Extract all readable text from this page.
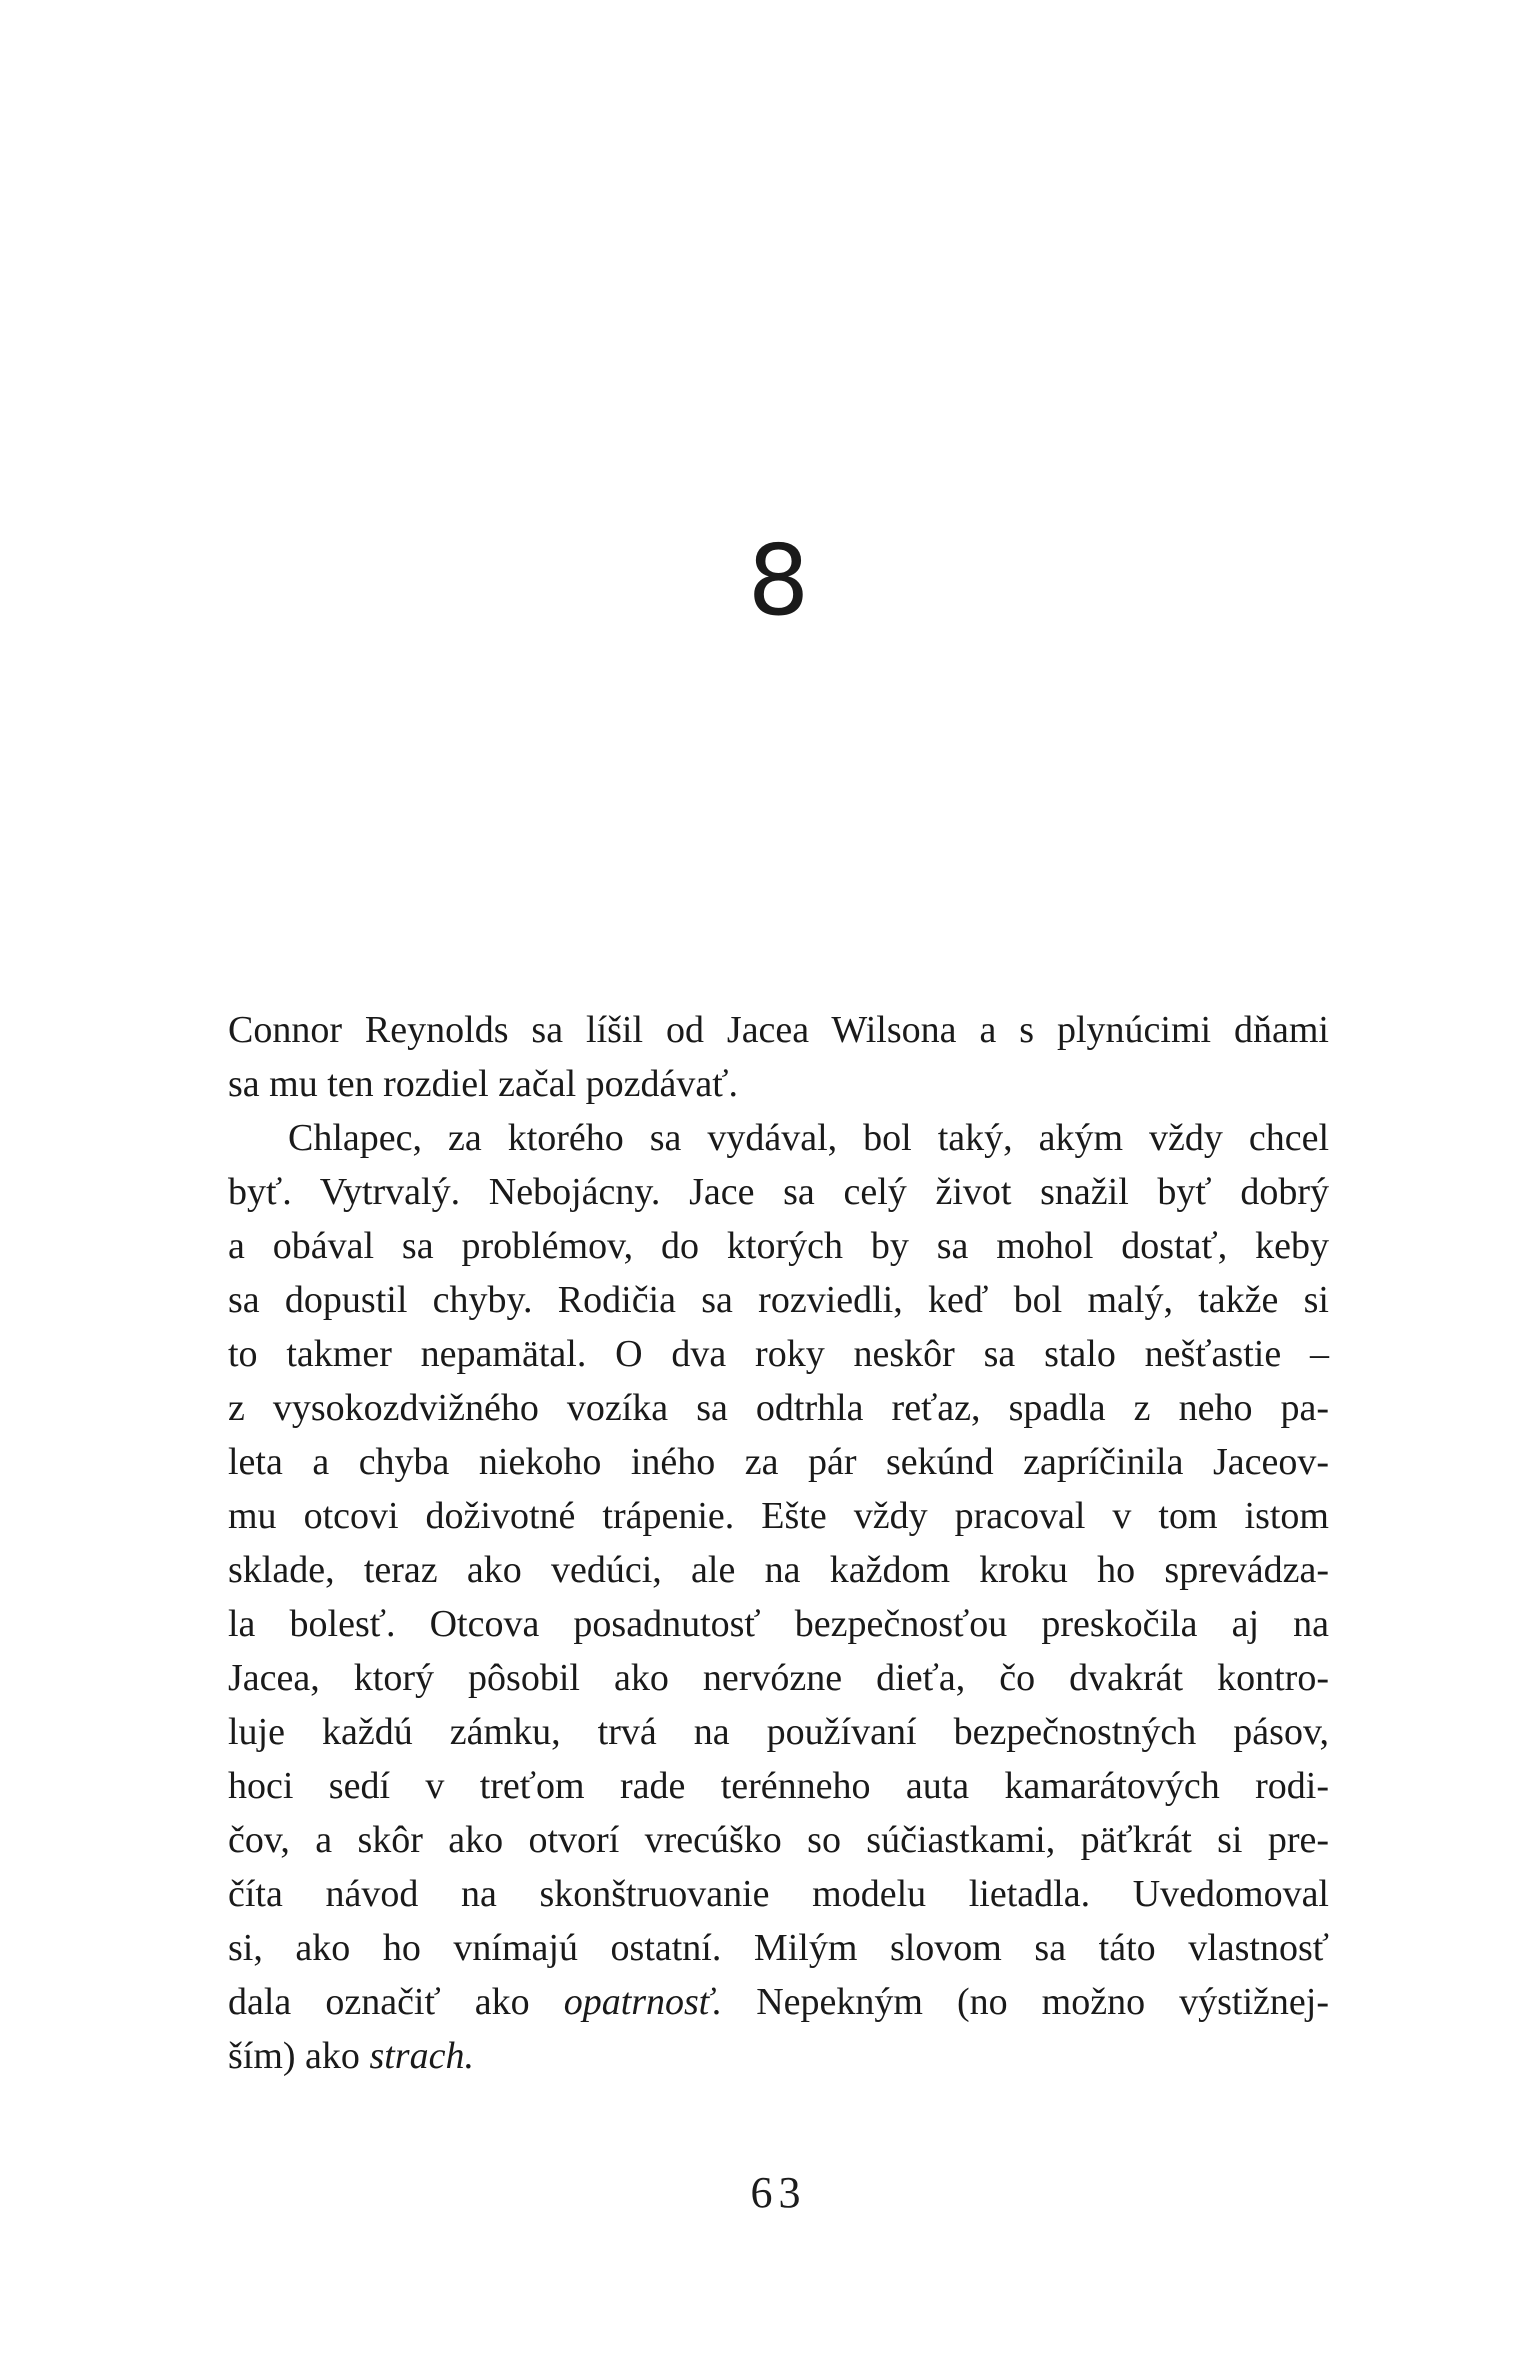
8
Connor Reynolds sa líšil od Jacea Wilsona a s plynúcimi dňami
sa mu ten rozdiel začal pozdávať.
Chlapec, za ktorého sa vydával, bol taký, akým vždy chcel
byť. Vytrvalý. Nebojácny. Jace sa celý život snažil byť dobrý
a obával sa problémov, do ktorých by sa mohol dostať, keby
sa dopustil chyby. Rodičia sa rozviedli, keď bol malý, takže si
to takmer nepamätal. O dva roky neskôr sa stalo nešťastie –
z vysokozdvižného vozíka sa odtrhla reťaz, spadla z neho pa-
leta a chyba niekoho iného za pár sekúnd zapríčinila Jaceov-
mu otcovi doživotné trápenie. Ešte vždy pracoval v tom istom
sklade, teraz ako vedúci, ale na každom kroku ho sprevádza-
la bolesť. Otcova posadnutosť bezpečnosťou preskočila aj na
Jacea, ktorý pôsobil ako nervózne dieťa, čo dvakrát kontro-
luje každú zámku, trvá na používaní bezpečnostných pásov,
hoci sedí v treťom rade terénneho auta kamarátových rodi-
čov, a skôr ako otvorí vrecúško so súčiastkami, päťkrát si pre-
číta návod na skonštruovanie modelu lietadla. Uvedomoval
si, ako ho vnímajú ostatní. Milým slovom sa táto vlastnosť
dala označiť ako opatrnosť. Nepekným (no možno výstižnej-
ším) ako strach.
63
